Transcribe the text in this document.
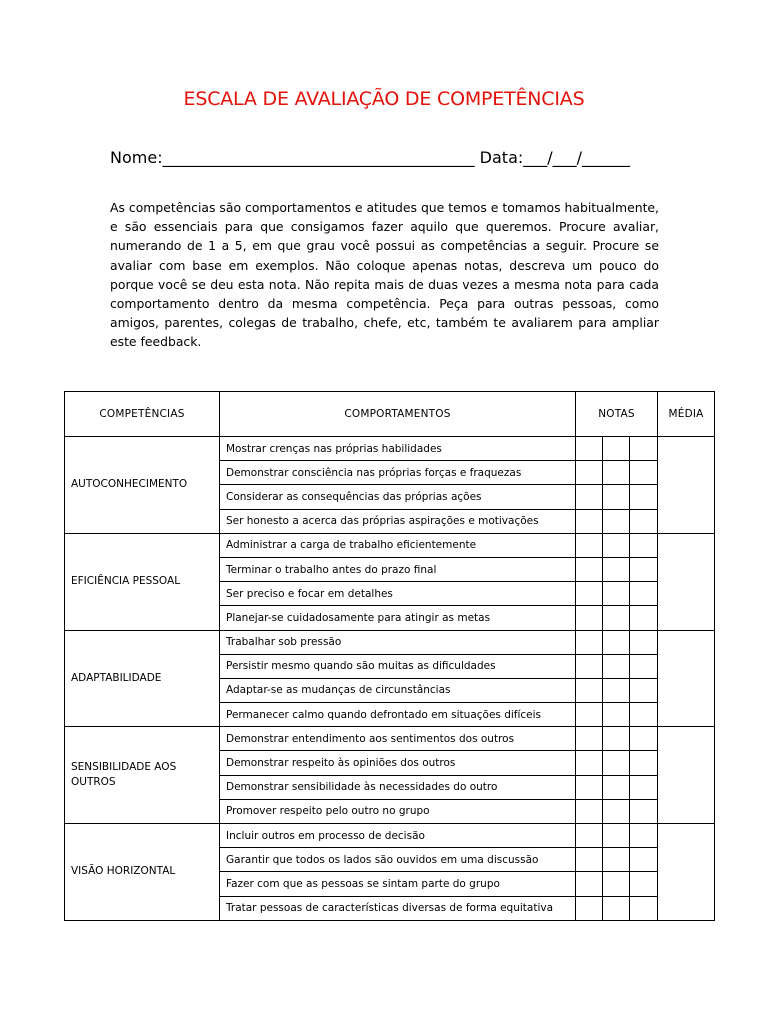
ESCALA DE AVALIAÇÃO DE COMPETÊNCIAS
Nome:_______________________________________ Data:___/___/______
As competências são comportamentos e atitudes que temos e tomamos habitualmente, e são essenciais para que consigamos fazer aquilo que queremos. Procure avaliar, numerando de 1 a 5, em que grau você possui as competências a seguir. Procure se avaliar com base em exemplos. Não coloque apenas notas, descreva um pouco do porque você se deu esta nota. Não repita mais de duas vezes a mesma nota para cada comportamento dentro da mesma competência. Peça para outras pessoas, como amigos, parentes, colegas de trabalho, chefe, etc, também te avaliarem para ampliar este feedback.
COMPETÊNCIAS	COMPORTAMENTOS	NOTAS			MÉDIA
AUTOCONHECIMENTO	Mostrar crenças nas próprias habilidades				
	Demonstrar consciência nas próprias forças e fraquezas				
	Considerar as consequências das próprias ações				
	Ser honesto a acerca das próprias aspirações e motivações				
EFICIÊNCIA PESSOAL	Administrar a carga de trabalho eficientemente				
	Terminar o trabalho antes do prazo final				
	Ser preciso e focar em detalhes				
	Planejar-se cuidadosamente para atingir as metas				
ADAPTABILIDADE	Trabalhar sob pressão				
	Persistir mesmo quando são muitas as dificuldades				
	Adaptar-se as mudanças de circunstâncias				
	Permanecer calmo quando defrontado em situações difíceis				
SENSIBILIDADE AOS OUTROS	Demonstrar entendimento aos sentimentos dos outros				
	Demonstrar respeito às opiniões dos outros				
	Demonstrar sensibilidade às necessidades do outro				
	Promover respeito pelo outro no grupo				
VISÃO HORIZONTAL	Incluir outros em processo de decisão				
	Garantir que todos os lados são ouvidos em uma discussão				
	Fazer com que as pessoas se sintam parte do grupo				
	Tratar pessoas de características diversas de forma equitativa				
